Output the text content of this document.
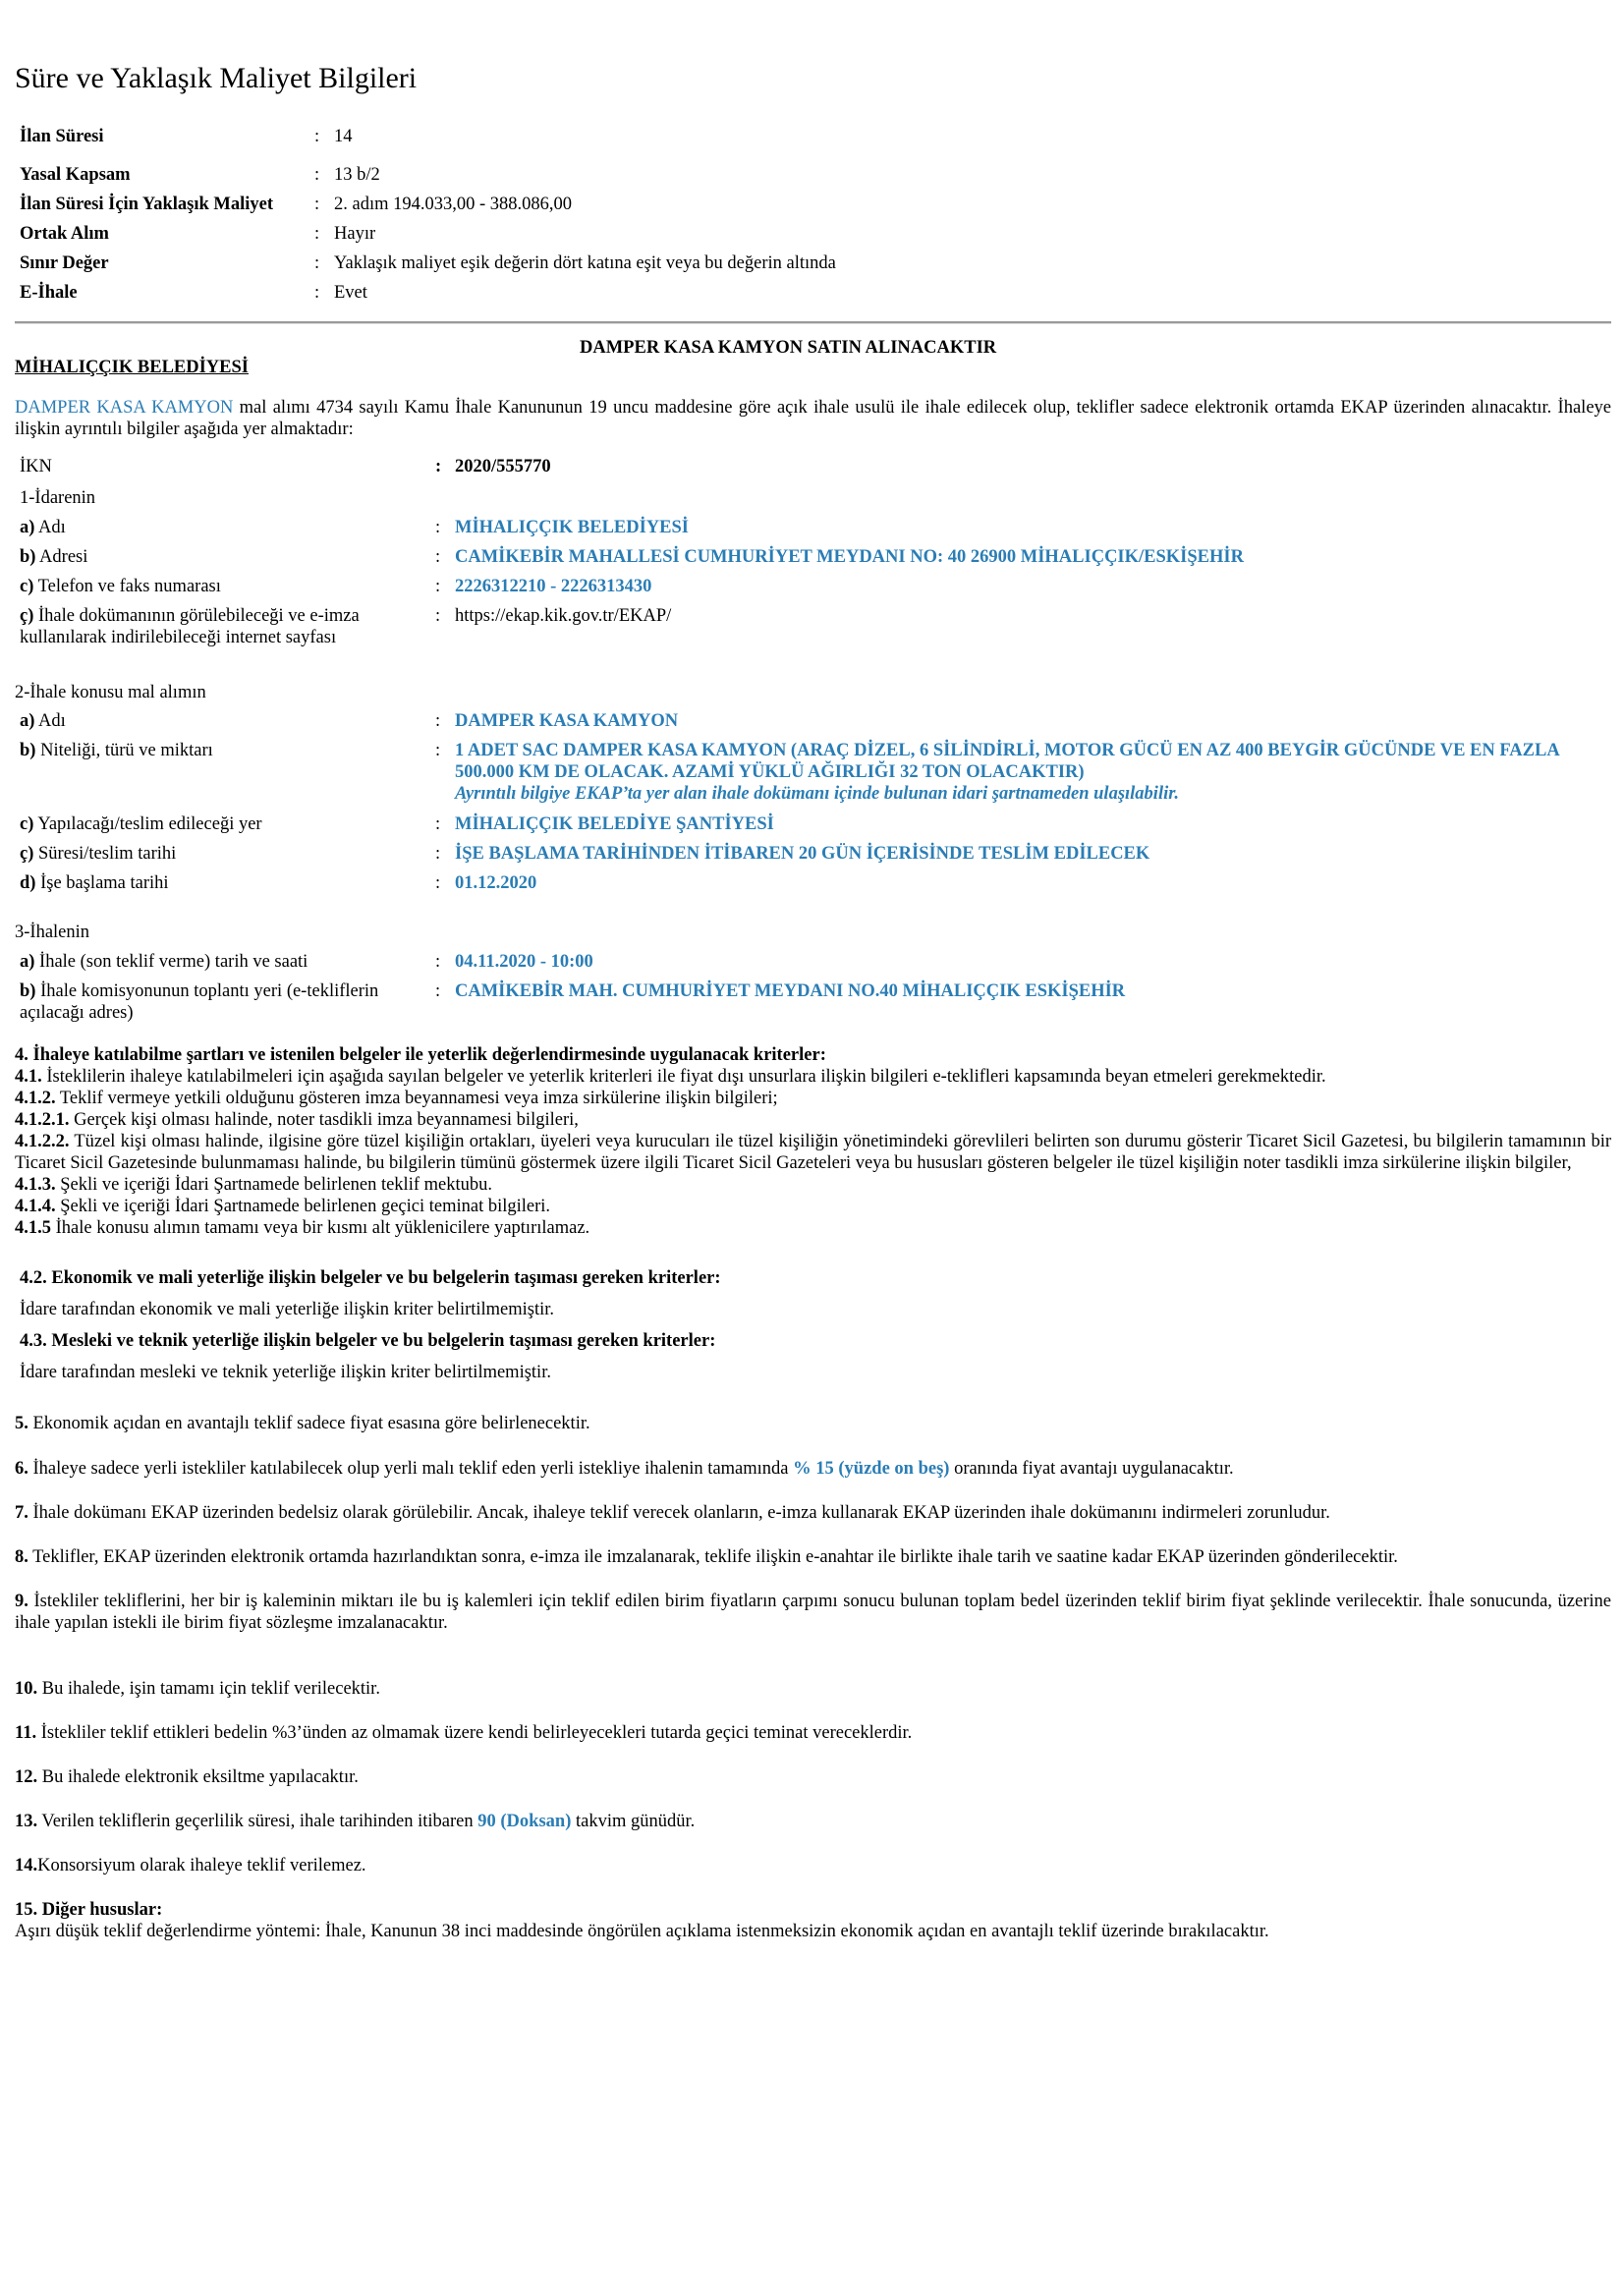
Süre ve Yaklaşık Maliyet Bilgileri
İlan Süresi	: 14
Yasal Kapsam	: 13 b/2
İlan Süresi İçin Yaklaşık Maliyet	: 2. adım 194.033,00 - 388.086,00
Ortak Alım	: Hayır
Sınır Değer	: Yaklaşık maliyet eşik değerin dört katına eşit veya bu değerin altında
E-İhale	: Evet
MİHALIÇÇIK BELEDİYESİ
DAMPER KASA KAMYON SATIN ALINACAKTIR
DAMPER KASA KAMYON mal alımı 4734 sayılı Kamu İhale Kanununun 19 uncu maddesine göre açık ihale usulü ile ihale edilecek olup, teklifler sadece elektronik ortamda EKAP üzerinden alınacaktır. İhaleye ilişkin ayrıntılı bilgiler aşağıda yer almaktadır:
İKN	: 2020/555770
1-İdarenin
a) Adı	: MİHALIÇÇIK BELEDİYESİ
b) Adresi	: CAMİKEBİR MAHALLESİ CUMHURİYET MEYDANI NO: 40 26900 MİHALIÇÇIK/ESKİŞEHİR
c) Telefon ve faks numarası	: 2226312210 - 2226313430
ç) İhale dokümanının görülebileceği ve e-imza kullanılarak indirilebileceği internet sayfası
: https://ekap.kik.gov.tr/EKAP/
2-İhale konusu mal alımın
a) Adı	: DAMPER KASA KAMYON
b) Niteliği, türü ve miktarı	: 1 ADET SAC DAMPER KASA KAMYON (ARAÇ DİZEL, 6 SİLİNDİRLİ, MOTOR GÜCÜ EN AZ 400 BEYGİR GÜCÜNDE VE EN FAZLA 500.000 KM DE OLACAK. AZAMİ YÜKLÜ AĞIRLIĞI 32 TON OLACAKTIR)
Ayrıntılı bilgiye EKAP’ta yer alan ihale dokümanı içinde bulunan idari şartnameden ulaşılabilir.
c) Yapılacağı/teslim edileceği yer	: MİHALIÇÇIK BELEDİYE ŞANTİYESİ
ç) Süresi/teslim tarihi	: İŞE BAŞLAMA TARİHİNDEN İTİBAREN 20 GÜN İÇERİSİNDE TESLİM EDİLECEK
d) İşe başlama tarihi	: 01.12.2020
3-İhalenin
a) İhale (son teklif verme) tarih ve saati	: 04.11.2020 - 10:00
b) İhale komisyonunun toplantı yeri (e-tekliflerin açılacağı adres)
: CAMİKEBİR MAH. CUMHURİYET MEYDANI NO.40 MİHALIÇÇIK ESKİŞEHİR
4. İhaleye katılabilme şartları ve istenilen belgeler ile yeterlik değerlendirmesinde uygulanacak kriterler:
4.1. İsteklilerin ihaleye katılabilmeleri için aşağıda sayılan belgeler ve yeterlik kriterleri ile fiyat dışı unsurlara ilişkin bilgileri e-teklifleri kapsamında beyan etmeleri gerekmektedir.
4.1.2. Teklif vermeye yetkili olduğunu gösteren imza beyannamesi veya imza sirkülerine ilişkin bilgileri;
4.1.2.1. Gerçek kişi olması halinde, noter tasdikli imza beyannamesi bilgileri,
4.1.2.2. Tüzel kişi olması halinde, ilgisine göre tüzel kişiliğin ortakları, üyeleri veya kurucuları ile tüzel kişiliğin yönetimindeki görevlileri belirten son durumu gösterir Ticaret Sicil Gazetesi, bu bilgilerin tamamının bir Ticaret Sicil Gazetesinde bulunmaması halinde, bu bilgilerin tümünü göstermek üzere ilgili Ticaret Sicil Gazeteleri veya bu hususları gösteren belgeler ile tüzel kişiliğin noter tasdikli imza sirkülerine ilişkin bilgiler,
4.1.3. Şekli ve içeriği İdari Şartnamede belirlenen teklif mektubu.
4.1.4. Şekli ve içeriği İdari Şartnamede belirlenen geçici teminat bilgileri.
4.1.5 İhale konusu alımın tamamı veya bir kısmı alt yüklenicilere yaptırılamaz.
4.2. Ekonomik ve mali yeterliğe ilişkin belgeler ve bu belgelerin taşıması gereken kriterler:
İdare tarafından ekonomik ve mali yeterliğe ilişkin kriter belirtilmemiştir.
4.3. Mesleki ve teknik yeterliğe ilişkin belgeler ve bu belgelerin taşıması gereken kriterler:
İdare tarafından mesleki ve teknik yeterliğe ilişkin kriter belirtilmemiştir.
5. Ekonomik açıdan en avantajlı teklif sadece fiyat esasına göre belirlenecektir.
6. İhaleye sadece yerli istekliler katılabilecek olup yerli malı teklif eden yerli istekliye ihalenin tamamında % 15 (yüzde on beş) oranında fiyat avantajı uygulanacaktır.
7. İhale dokümanı EKAP üzerinden bedelsiz olarak görülebilir. Ancak, ihaleye teklif verecek olanların, e-imza kullanarak EKAP üzerinden ihale dokümanını indirmeleri zorunludur.
8. Teklifler, EKAP üzerinden elektronik ortamda hazırlandıktan sonra, e-imza ile imzalanarak, teklife ilişkin e-anahtar ile birlikte ihale tarih ve saatine kadar EKAP üzerinden gönderilecektir.
9. İstekliler tekliflerini, her bir iş kaleminin miktarı ile bu iş kalemleri için teklif edilen birim fiyatların çarpımı sonucu bulunan toplam bedel üzerinden teklif birim fiyat şeklinde verilecektir. İhale sonucunda, üzerine ihale yapılan istekli ile birim fiyat sözleşme imzalanacaktır.
10. Bu ihalede, işin tamamı için teklif verilecektir.
11. İstekliler teklif ettikleri bedelin %3’ünden az olmamak üzere kendi belirleyecekleri tutarda geçici teminat vereceklerdir.
12. Bu ihalede elektronik eksiltme yapılacaktır.
13. Verilen tekliflerin geçerlilik süresi, ihale tarihinden itibaren 90 (Doksan) takvim günüdür.
14.Konsorsiyum olarak ihaleye teklif verilemez.
15. Diğer hususlar:
Aşırı düşük teklif değerlendirme yöntemi: İhale, Kanunun 38 inci maddesinde öngörülen açıklama istenmeksizin ekonomik açıdan en avantajlı teklif üzerinde bırakılacaktır.
